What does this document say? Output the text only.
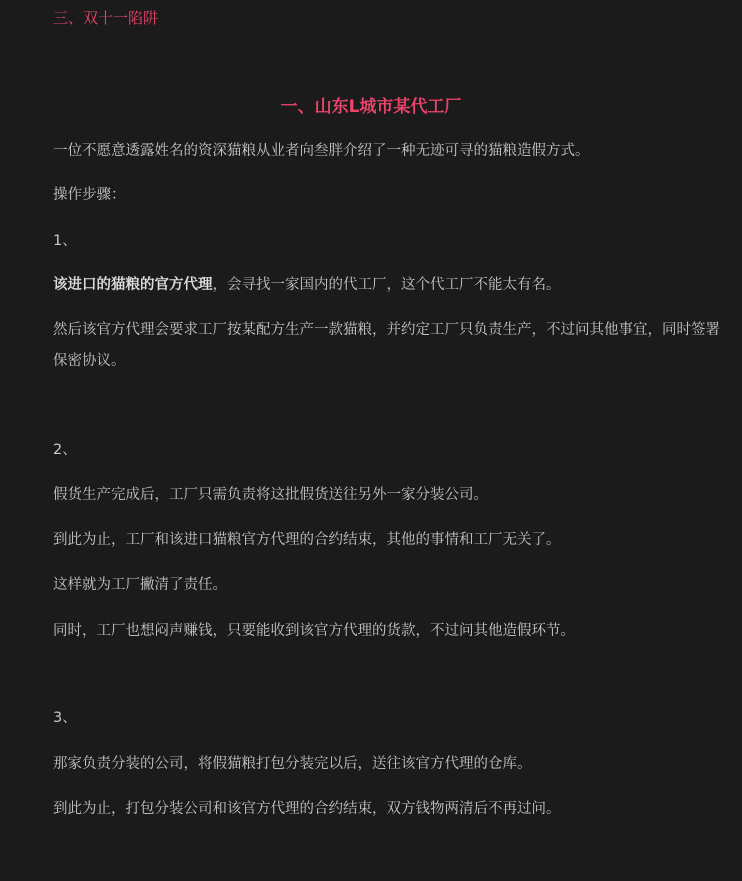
三、双十一陷阱
一、山东L城市某代工厂
一位不愿意透露姓名的资深猫粮从业者向叁胖介绍了一种无迹可寻的猫粮造假方式。
操作步骤：
1、
该进口的猫粮的官方代理，会寻找一家国内的代工厂，这个代工厂不能太有名。
然后该官方代理会要求工厂按某配方生产一款猫粮，并约定工厂只负责生产，不过问其他事宜，同时签署保密协议。
2、
假货生产完成后，工厂只需负责将这批假货送往另外一家分装公司。
到此为止，工厂和该进口猫粮官方代理的合约结束，其他的事情和工厂无关了。
这样就为工厂撇清了责任。
同时，工厂也想闷声赚钱，只要能收到该官方代理的货款，不过问其他造假环节。
3、
那家负责分装的公司，将假猫粮打包分装完以后，送往该官方代理的仓库。
到此为止，打包分装公司和该官方代理的合约结束，双方钱物两清后不再过问。
